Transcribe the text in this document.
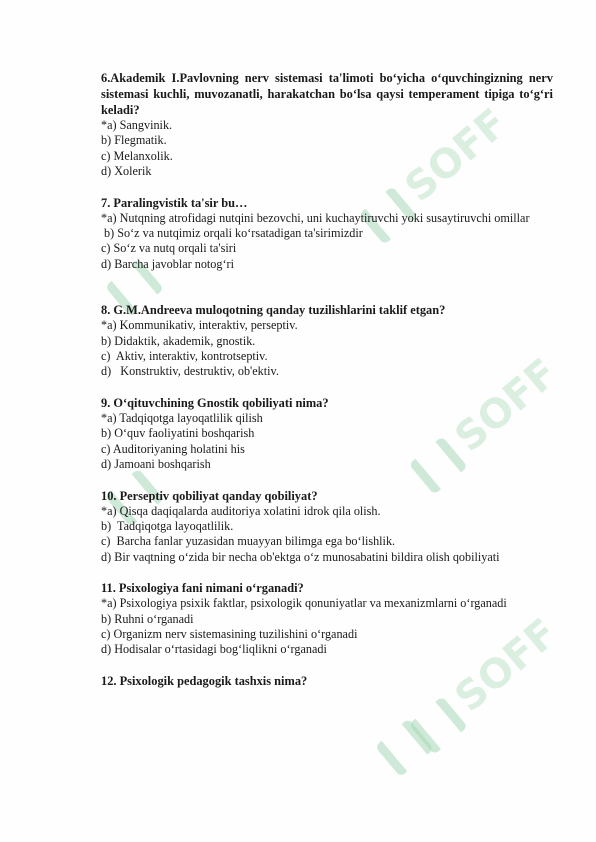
SOFF
SOFF
SOFF
6.Akademik I.Pavlovning nerv sistemasi ta'limoti bo‘yicha o‘quvchingizning nerv sistemasi kuchli, muvozanatli, harakatchan bo‘lsa qaysi temperament tipiga to‘g‘ri keladi?
*a) Sangvinik.
b) Flegmatik.
c) Melanxolik.
d) Xolerik
7. Paralingvistik ta'sir bu…
*a) Nutqning atrofidagi nutqini bezovchi, uni kuchaytiruvchi yoki susaytiruvchi omillar
b) So‘z va nutqimiz orqali ko‘rsatadigan ta'sirimizdir
c) So‘z va nutq orqali ta'siri
d) Barcha javoblar notog‘ri
8. G.M.Andreeva muloqotning qanday tuzilishlarini taklif etgan?
*a) Kommunikativ, interaktiv, perseptiv.
b) Didaktik, akademik, gnostik.
c)  Aktiv, interaktiv, kontrotseptiv.
d)   Konstruktiv, destruktiv, ob'ektiv.
9. O‘qituvchining Gnostik qobiliyati nima?
*a) Tadqiqotga layoqatlilik qilish
b) O‘quv faoliyatini boshqarish
c) Auditoriyaning holatini his
d) Jamoani boshqarish
10. Perseptiv qobiliyat qanday qobiliyat?
*a) Qisqa daqiqalarda auditoriya xolatini idrok qila olish.
b)  Tadqiqotga layoqatlilik.
c)  Barcha fanlar yuzasidan muayyan bilimga ega bo‘lishlik.
d) Bir vaqtning o‘zida bir necha ob'ektga o‘z munosabatini bildira olish qobiliyati
11. Psixologiya fani nimani o‘rganadi?
*a) Psixologiya psixik faktlar, psixologik qonuniyatlar va mexanizmlarni o‘rganadi
b) Ruhni o‘rganadi
c) Organizm nerv sistemasining tuzilishini o‘rganadi
d) Hodisalar o‘rtasidagi bog‘liqlikni o‘rganadi
12. Psixologik pedagogik tashxis nima?
